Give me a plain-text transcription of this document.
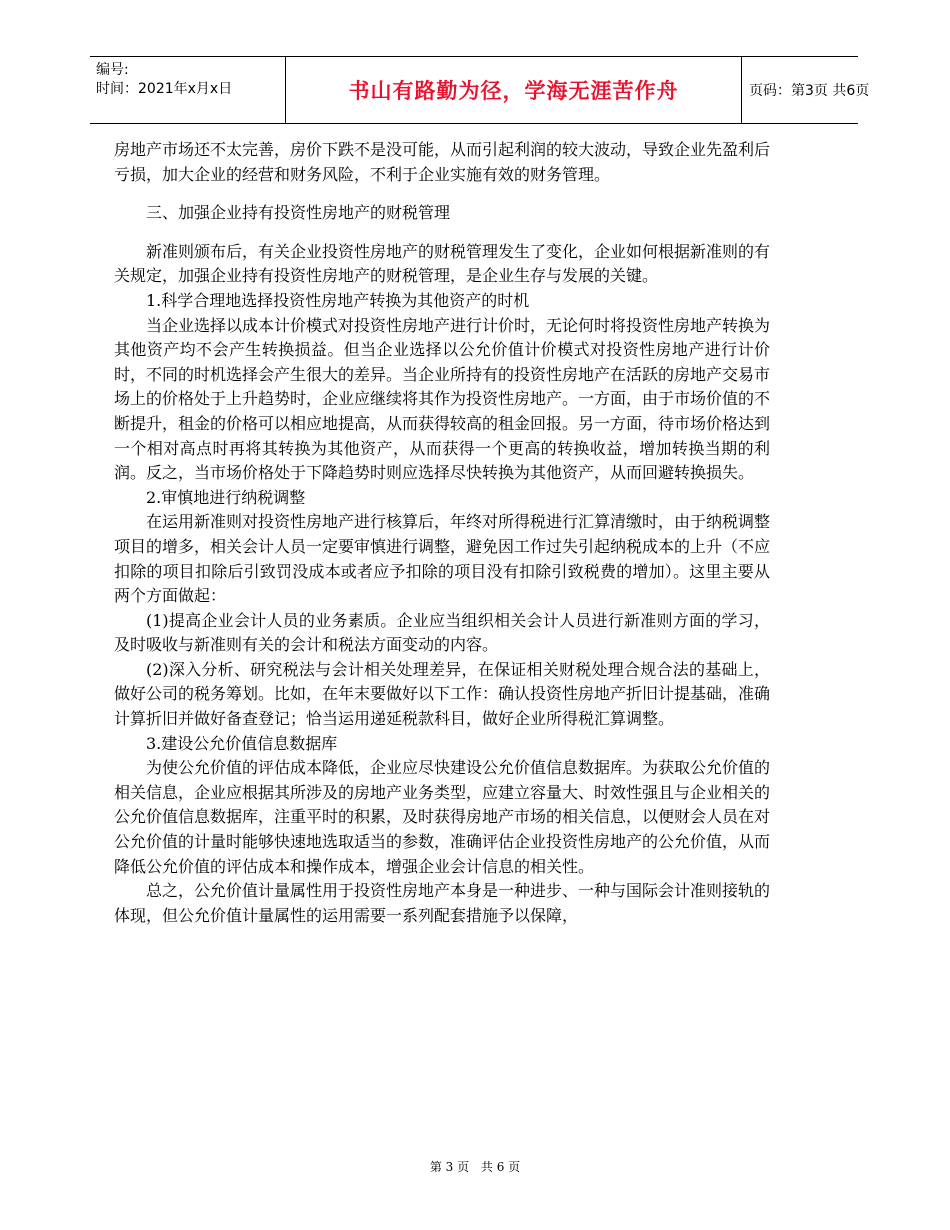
编号:
时间：2021年x月x日	书山有路勤为径，学海无涯苦作舟	页码：第3页 共6页

房地产市场还不太完善，房价下跌不是没可能，从而引起利润的较大波动，导致企业先盈利后亏损，加大企业的经营和财务风险，不利于企业实施有效的财务管理。

三、加强企业持有投资性房地产的财税管理

新准则颁布后，有关企业投资性房地产的财税管理发生了变化，企业如何根据新准则的有关规定，加强企业持有投资性房地产的财税管理，是企业生存与发展的关键。

1.科学合理地选择投资性房地产转换为其他资产的时机

当企业选择以成本计价模式对投资性房地产进行计价时，无论何时将投资性房地产转换为其他资产均不会产生转换损益。但当企业选择以公允价值计价模式对投资性房地产进行计价时，不同的时机选择会产生很大的差异。当企业所持有的投资性房地产在活跃的房地产交易市场上的价格处于上升趋势时，企业应继续将其作为投资性房地产。一方面，由于市场价值的不断提升，租金的价格可以相应地提高，从而获得较高的租金回报。另一方面，待市场价格达到一个相对高点时再将其转换为其他资产，从而获得一个更高的转换收益，增加转换当期的利润。反之，当市场价格处于下降趋势时则应选择尽快转换为其他资产，从而回避转换损失。

2.审慎地进行纳税调整

在运用新准则对投资性房地产进行核算后，年终对所得税进行汇算清缴时，由于纳税调整项目的增多，相关会计人员一定要审慎进行调整，避免因工作过失引起纳税成本的上升（不应扣除的项目扣除后引致罚没成本或者应予扣除的项目没有扣除引致税费的增加）。这里主要从两个方面做起：

(1)提高企业会计人员的业务素质。企业应当组织相关会计人员进行新准则方面的学习，及时吸收与新准则有关的会计和税法方面变动的内容。

(2)深入分析、研究税法与会计相关处理差异，在保证相关财税处理合规合法的基础上，做好公司的税务筹划。比如，在年末要做好以下工作：确认投资性房地产折旧计提基础，准确计算折旧并做好备查登记；恰当运用递延税款科目，做好企业所得税汇算调整。

3.建设公允价值信息数据库

为使公允价值的评估成本降低，企业应尽快建设公允价值信息数据库。为获取公允价值的相关信息，企业应根据其所涉及的房地产业务类型，应建立容量大、时效性强且与企业相关的公允价值信息数据库，注重平时的积累，及时获得房地产市场的相关信息，以便财会人员在对公允价值的计量时能够快速地选取适当的参数，准确评估企业投资性房地产的公允价值，从而降低公允价值的评估成本和操作成本，增强企业会计信息的相关性。

总之，公允价值计量属性用于投资性房地产本身是一种进步、一种与国际会计准则接轨的体现，但公允价值计量属性的运用需要一系列配套措施予以保障，

第 3 页 共 6 页
